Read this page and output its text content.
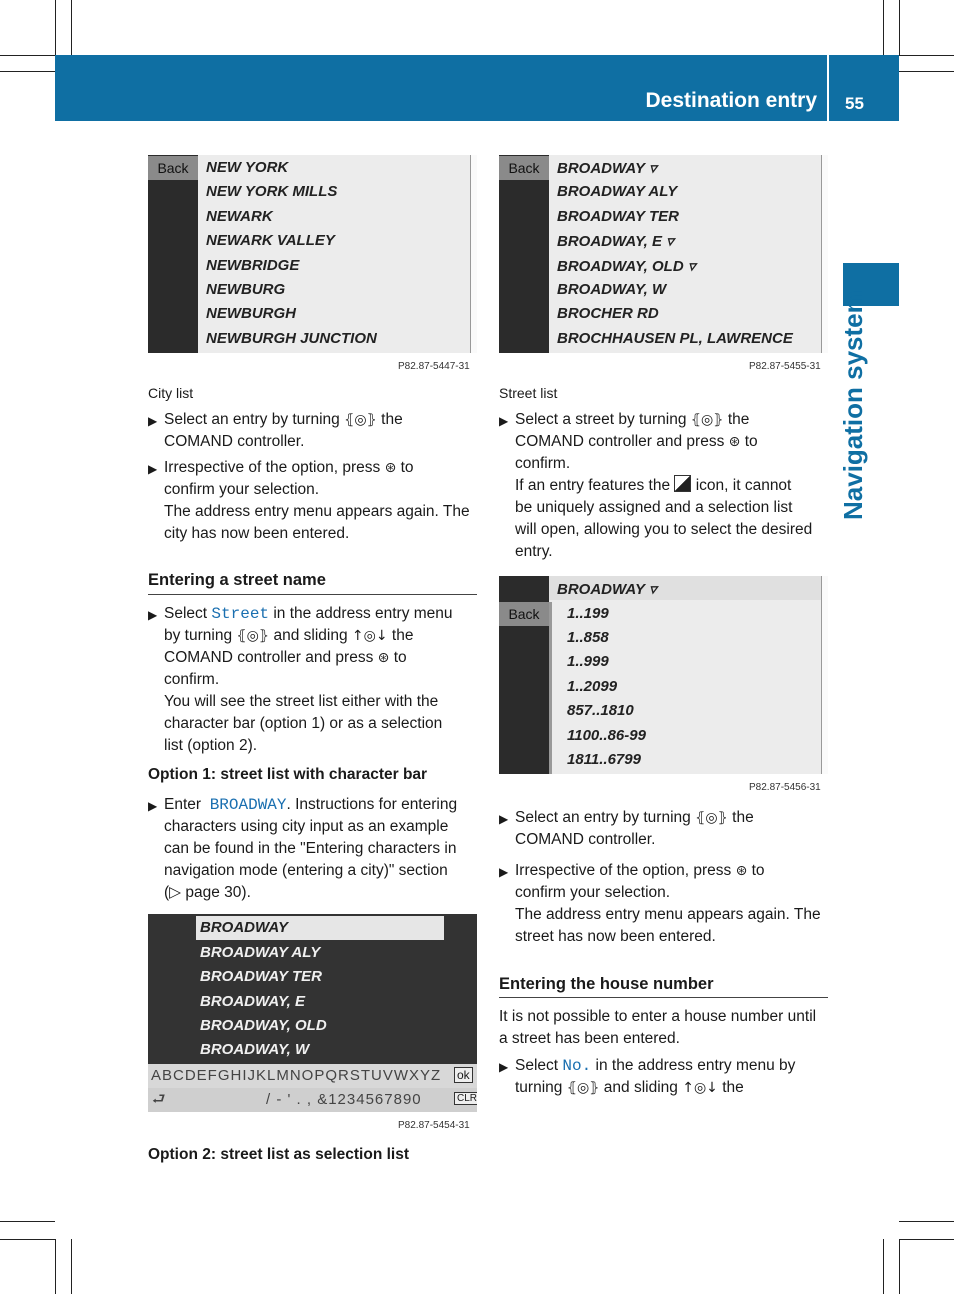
Destination entry 55
Navigation system
Back	NEW YORK
NEW YORK MILLS
NEWARK
NEWARK VALLEY
NEWBRIDGE
NEWBURG
NEWBURGH
NEWBURGH JUNCTION
P82.87-5447-31
City list
▶ Select an entry by turning ⦃◎⦄ the
COMAND controller.
▶ Irrespective of the option, press ⊛ to
confirm your selection.
The address entry menu appears again. The
city has now been entered.
Entering a street name
▶ Select Street in the address entry menu
by turning ⦃◎⦄ and sliding ↑◎↓ the
COMAND controller and press ⊛ to
confirm.
You will see the street list either with the
character bar (option 1) or as a selection
list (option 2).
Option 1: street list with character bar
▶ Enter BROADWAY. Instructions for entering
characters using city input as an example
can be found in the "Entering characters in
navigation mode (entering a city)" section
(▷ page 30).
BROADWAY
BROADWAY ALY
BROADWAY TER
BROADWAY, E
BROADWAY, OLD
BROADWAY, W
ABCDEFGHIJKLMNOPQRSTUVWXYZ	ok
⮐	/ - ' . , &1234567890	CLR
P82.87-5454-31
Option 2: street list as selection list
Back	BROADWAY ▿
BROADWAY ALY
BROADWAY TER
BROADWAY, E ▿
BROADWAY, OLD ▿
BROADWAY, W
BROCHER RD
BROCHHAUSEN PL, LAWRENCE
P82.87-5455-31
Street list
▶ Select a street by turning ⦃◎⦄ the
COMAND controller and press ⊛ to
confirm.
If an entry features the icon, it cannot
be uniquely assigned and a selection list
will open, allowing you to select the desired
entry.
BROADWAY ▿
Back	1..199
1..858
1..999
1..2099
857..1810
1100..86-99
1811..6799
P82.87-5456-31
▶ Select an entry by turning ⦃◎⦄ the
COMAND controller.
▶ Irrespective of the option, press ⊛ to
confirm your selection.
The address entry menu appears again. The
street has now been entered.
Entering the house number
It is not possible to enter a house number until
a street has been entered.
▶ Select No. in the address entry menu by
turning ⦃◎⦄ and sliding ↑◎↓ the
